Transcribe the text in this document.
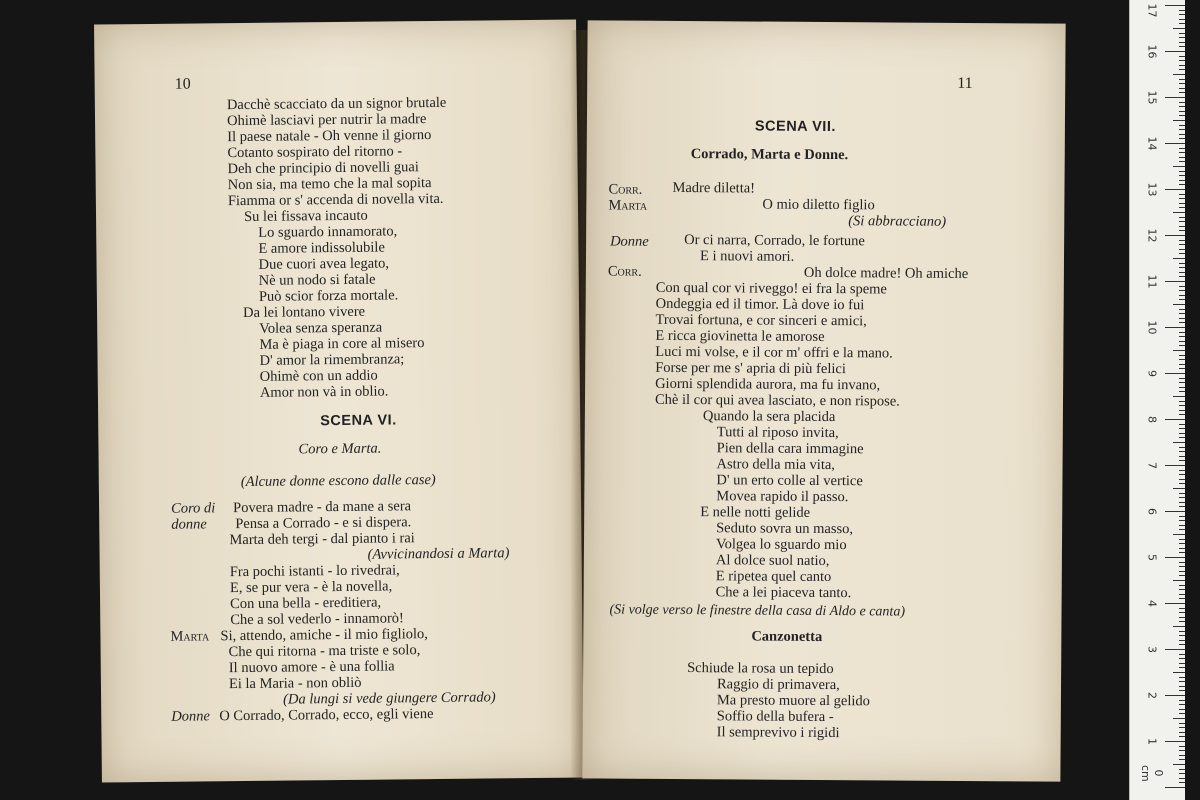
10
Dacchè scacciato da un signor brutale
Ohimè lasciavi per nutrir la madre
Il paese natale - Oh venne il giorno
Cotanto sospirato del ritorno -
Deh che principio di novelli guai
Non sia, ma temo che la mal sopita
Fiamma or s' accenda di novella vita.
Su lei fissava incauto
Lo sguardo innamorato,
E amore indissolubile
Due cuori avea legato,
Nè un nodo si fatale
Può scior forza mortale.
Da lei lontano vivere
Volea senza speranza
Ma è piaga in core al misero
D' amor la rimembranza;
Ohimè con un addio
Amor non và in oblio.
SCENA VI.
Coro e Marta.
(Alcune donne escono dalle case)
Coro di
donne
Povera madre - da mane a sera
Pensa a Corrado - e si dispera.
Marta deh tergi - dal pianto i rai
(Avvicinandosi a Marta)
Fra pochi istanti - lo rivedrai,
E, se pur vera - è la novella,
Con una bella - ereditiera,
Che a sol vederlo - innamorò!
Marta Si, attendo, amiche - il mio figliolo,
Che qui ritorna - ma triste e solo,
Il nuovo amore - è una follia
Ei la Maria - non obliò
(Da lungi si vede giungere Corrado)
Donne O Corrado, Corrado, ecco, egli viene
11
SCENA VII.
Corrado, Marta e Donne.
Corr. Madre diletta!
Marta	O mio diletto figlio
(Si abbracciano)
Donne Or ci narra, Corrado, le fortune
E i nuovi amori.
Oh dolce madre! Oh amiche
Corr.
Con qual cor vi riveggo! ei fra la speme
Ondeggia ed il timor. Là dove io fui
Trovai fortuna, e cor sinceri e amici,
E ricca giovinetta le amorose
Luci mi volse, e il cor m' offri e la mano.
Forse per me s' apria di più felici
Giorni splendida aurora, ma fu invano,
Chè il cor qui avea lasciato, e non rispose.
Quando la sera placida
Tutti al riposo invita,
Pien della cara immagine
Astro della mia vita,
D' un erto colle al vertice
Movea rapido il passo.
E nelle notti gelide
Seduto sovra un masso,
Volgea lo sguardo mio
Al dolce suol natio,
E ripetea quel canto
Che a lei piaceva tanto.
(Si volge verso le finestre della casa di Aldo e canta)
Canzonetta
Schiude la rosa un tepido
Raggio di primavera,
Ma presto muore al gelido
Soffio della bufera -
Il semprevivo i rigidi
0 cm
1
2
3
4
5
6
7
8
9
10
11
12
13
14
15
16
17
